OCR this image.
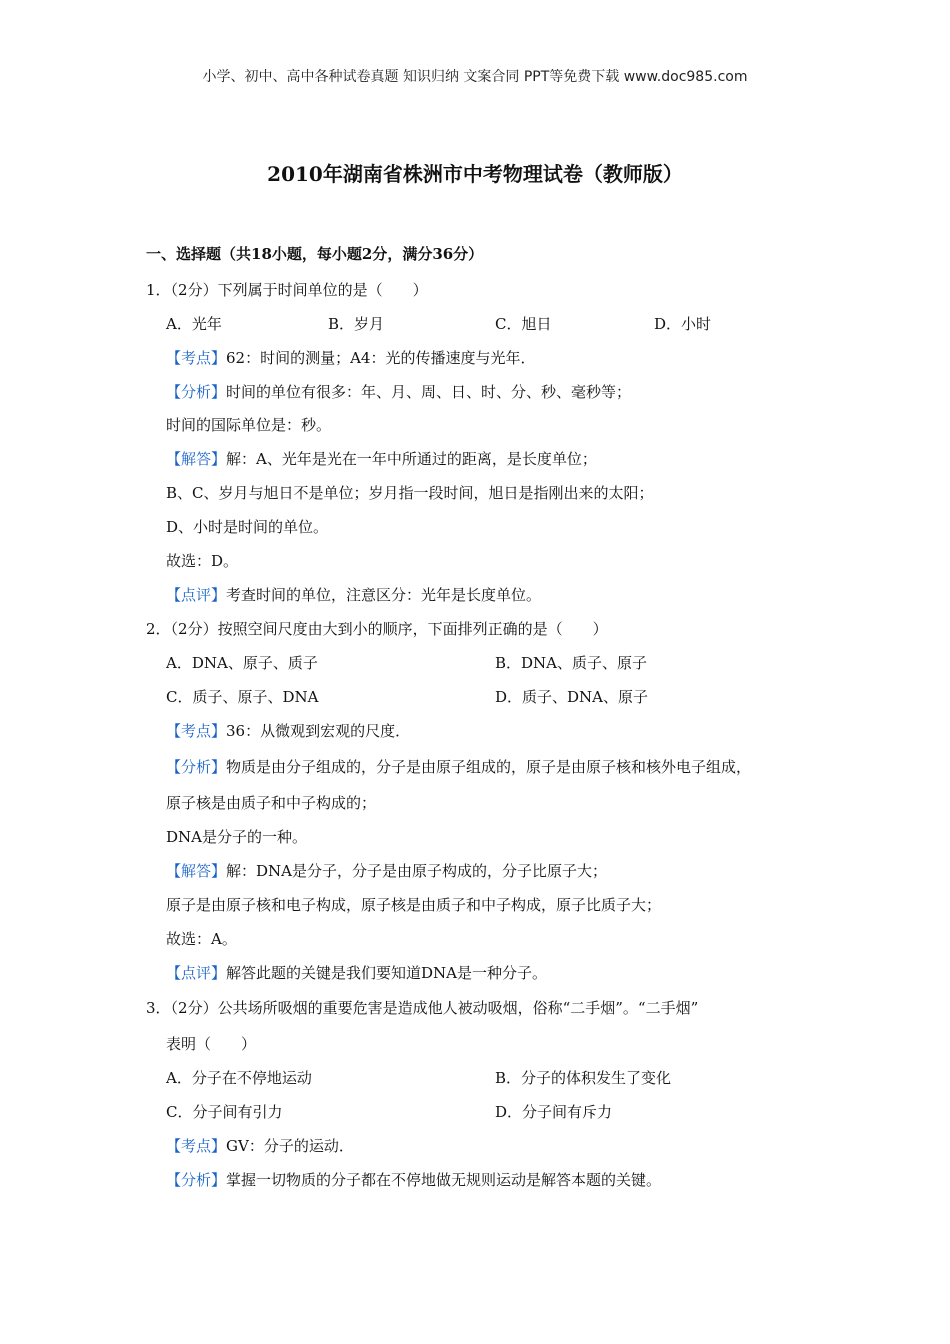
小学、初中、高中各种试卷真题 知识归纳 文案合同 PPT等免费下载 www.doc985.com
2010年湖南省株洲市中考物理试卷（教师版）
一、选择题（共18小题，每小题2分，满分36分）
1．（2分）下列属于时间单位的是（　　）
A．光年	B．岁月	C．旭日	D．小时
【考点】62：时间的测量；A4：光的传播速度与光年．
【分析】时间的单位有很多：年、月、周、日、时、分、秒、毫秒等；
时间的国际单位是：秒。
【解答】解：A、光年是光在一年中所通过的距离，是长度单位；
B、C、岁月与旭日不是单位；岁月指一段时间，旭日是指刚出来的太阳；
D、小时是时间的单位。
故选：D。
【点评】考查时间的单位，注意区分：光年是长度单位。
2．（2分）按照空间尺度由大到小的顺序，下面排列正确的是（　　）
A．DNA、原子、质子	B．DNA、质子、原子
C．质子、原子、DNA	D．质子、DNA、原子
【考点】36：从微观到宏观的尺度．
【分析】物质是由分子组成的，分子是由原子组成的，原子是由原子核和核外电子组成，
原子核是由质子和中子构成的；
DNA是分子的一种。
【解答】解：DNA是分子，分子是由原子构成的，分子比原子大；
原子是由原子核和电子构成，原子核是由质子和中子构成，原子比质子大；
故选：A。
【点评】解答此题的关键是我们要知道DNA是一种分子。
3．（2分）公共场所吸烟的重要危害是造成他人被动吸烟，俗称“二手烟”。“二手烟”
表明（　　）
A．分子在不停地运动	B．分子的体积发生了变化
C．分子间有引力	D．分子间有斥力
【考点】GV：分子的运动．
【分析】掌握一切物质的分子都在不停地做无规则运动是解答本题的关键。
